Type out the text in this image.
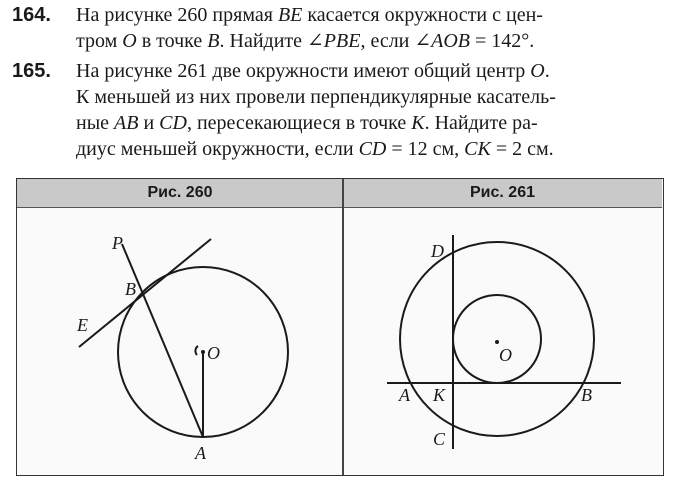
164. На рисунке 260 прямая BE касается окружности с цен-
тром O в точке B. Найдите ∠PBE, если ∠AOB = 142°.
165. На рисунке 261 две окружности имеют общий центр O.
К меньшей из них провели перпендикулярные касатель-
ные AB и CD, пересекающиеся в точке K. Найдите ра-
диус меньшей окружности, если CD = 12 см, CK = 2 см.
Рис. 260	Рис. 261
P
B
E
O
A
D
O
A K	B
C
